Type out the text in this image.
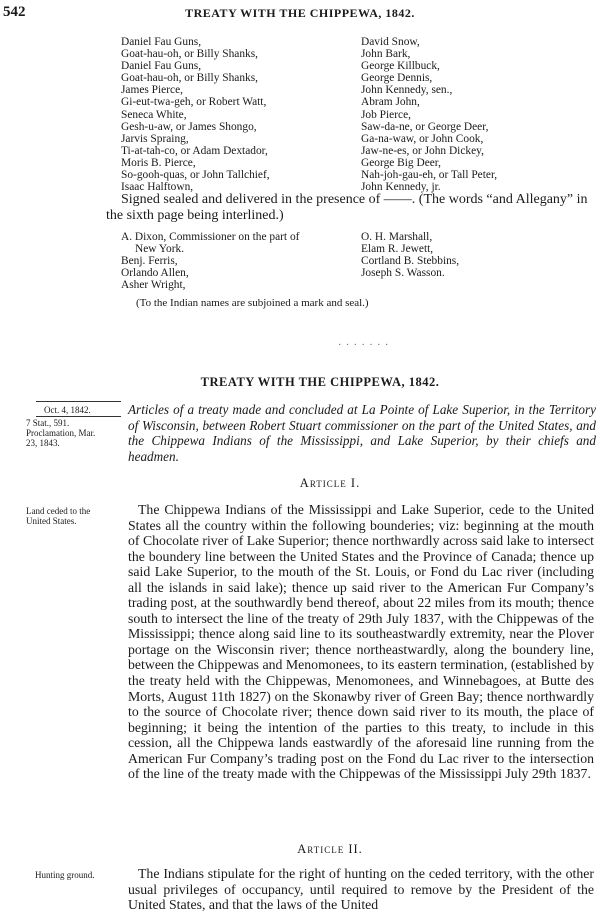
542	TREATY WITH THE CHIPPEWA, 1842.
Daniel Fau Guns,
Goat-hau-oh, or Billy Shanks,
Daniel Fau Guns,
Goat-hau-oh, or Billy Shanks,
James Pierce,
Gi-eut-twa-geh, or Robert Watt,
Seneca White,
Gesh-u-aw, or James Shongo,
Jarvis Spraing,
Ti-at-tah-co, or Adam Dextador,
Moris B. Pierce,
So-gooh-quas, or John Tallchief,
Isaac Halftown,
David Snow,
John Bark,
George Killbuck,
George Dennis,
John Kennedy, sen.,
Abram John,
Job Pierce,
Saw-da-ne, or George Deer,
Ga-na-waw, or John Cook,
Jaw-ne-es, or John Dickey,
George Big Deer,
Nah-joh-gau-eh, or Tall Peter,
John Kennedy, jr.

Signed sealed and delivered in the presence of ——. (The words “and Allegany” in the sixth page being interlined.)

A. Dixon, Commissioner on the part of
New York.
Benj. Ferris,
Orlando Allen,
Asher Wright,
O. H. Marshall,
Elam R. Jewett,
Cortland B. Stebbins,
Joseph S. Wasson.
(To the Indian names are subjoined a mark and seal.)
· · · · · · ·
TREATY WITH THE CHIPPEWA, 1842.
Oct. 4, 1842.
7 Stat., 591.
Proclamation, Mar.
23, 1843.
Land ceded to the
United States.
Hunting ground.
Articles of a treaty made and concluded at La Pointe of Lake Superior, in the Territory of Wisconsin, between Robert Stuart commissioner on the part of the United States, and the Chippewa Indians of the Mississippi, and Lake Superior, by their chiefs and headmen.
Article I.

The Chippewa Indians of the Mississippi and Lake Superior, cede to the United States all the country within the following bounderies; viz: beginning at the mouth of Chocolate river of Lake Superior; thence northwardly across said lake to intersect the boundery line between the United States and the Province of Canada; thence up said Lake Superior, to the mouth of the St. Louis, or Fond du Lac river (including all the islands in said lake); thence up said river to the American Fur Company’s trading post, at the southwardly bend thereof, about 22 miles from its mouth; thence south to intersect the line of the treaty of 29th July 1837, with the Chippewas of the Mississippi; thence along said line to its southeastwardly extremity, near the Plover portage on the Wisconsin river; thence northeastwardly, along the boundery line, between the Chippewas and Menomonees, to its eastern termination, (established by the treaty held with the Chippewas, Menomonees, and Winnebagoes, at Butte des Morts, August 11th 1827) on the Skonawby river of Green Bay; thence northwardly to the source of Chocolate river; thence down said river to its mouth, the place of beginning; it being the intention of the parties to this treaty, to include in this cession, all the Chippewa lands eastwardly of the aforesaid line running from the American Fur Company’s trading post on the Fond du Lac river to the intersection of the line of the treaty made with the Chippewas of the Mississippi July 29th 1837.

Article II.

The Indians stipulate for the right of hunting on the ceded territory, with the other usual privileges of occupancy, until required to remove by the President of the United States, and that the laws of the United
